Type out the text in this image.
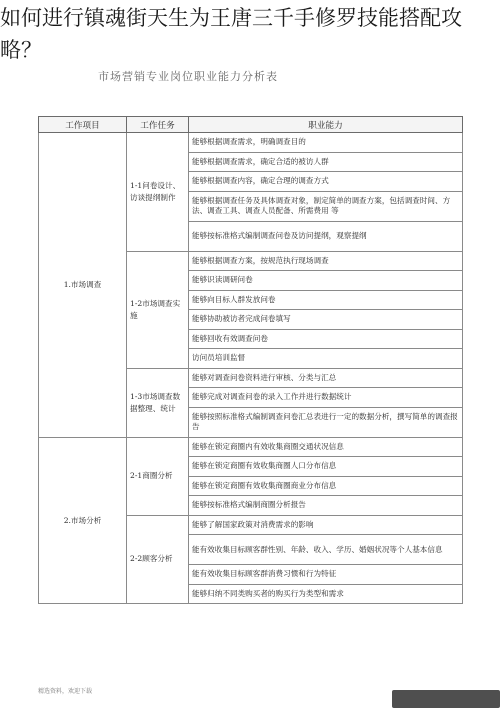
如何进行镇魂街天生为王唐三千手修罗技能搭配攻略？
市场营销专业岗位职业能力分析表
工作项目	工作任务	职业能力
1.市场调查	1-1问卷设计、访谈提纲制作	能够根据调查需求，明确调查目的
		能够根据调查需求，确定合适的被访人群
		能够根据调查内容，确定合理的调查方式
		能够根据调查任务及具体调查对象，制定简单的调查方案，包括调查时间、方法、调查工具、调查人员配备、所需费用 等
		能够按标准格式编制调查问卷及访问提纲，观察提纲
	1-2市场调查实施	能够根据调查方案，按规范执行现场调查
		能够识读调研问卷
		能够向目标人群发放问卷
		能够协助被访者完成问卷填写
		能够回收有效调查问卷
		访问员培训监督
	1-3市场调查数据整理、统计	能够对调查问卷资料进行审核、分类与汇总
		能够完成对调查问卷的录入工作并进行数据统计
		能够按照标准格式编制调查问卷汇总表进行一定的数据分析，撰写简单的调查报告
2.市场分析	2-1商圈分析	能够在锁定商圈内有效收集商圈交通状况信息
		能够在锁定商圈有效收集商圈人口分布信息
		能够在锁定商圈有效收集商圈商业分布信息
		能够按标准格式编制商圈分析报告
	2-2顾客分析	能够了解国家政策对消费需求的影响
		能有效收集目标顾客群性别、年龄、收入、学历、婚姻状况等个人基本信息
		能有效收集目标顾客群消费习惯和行为特征
		能够归纳不同类购买者的购买行为类型和需求
精选资料，欢迎下载
